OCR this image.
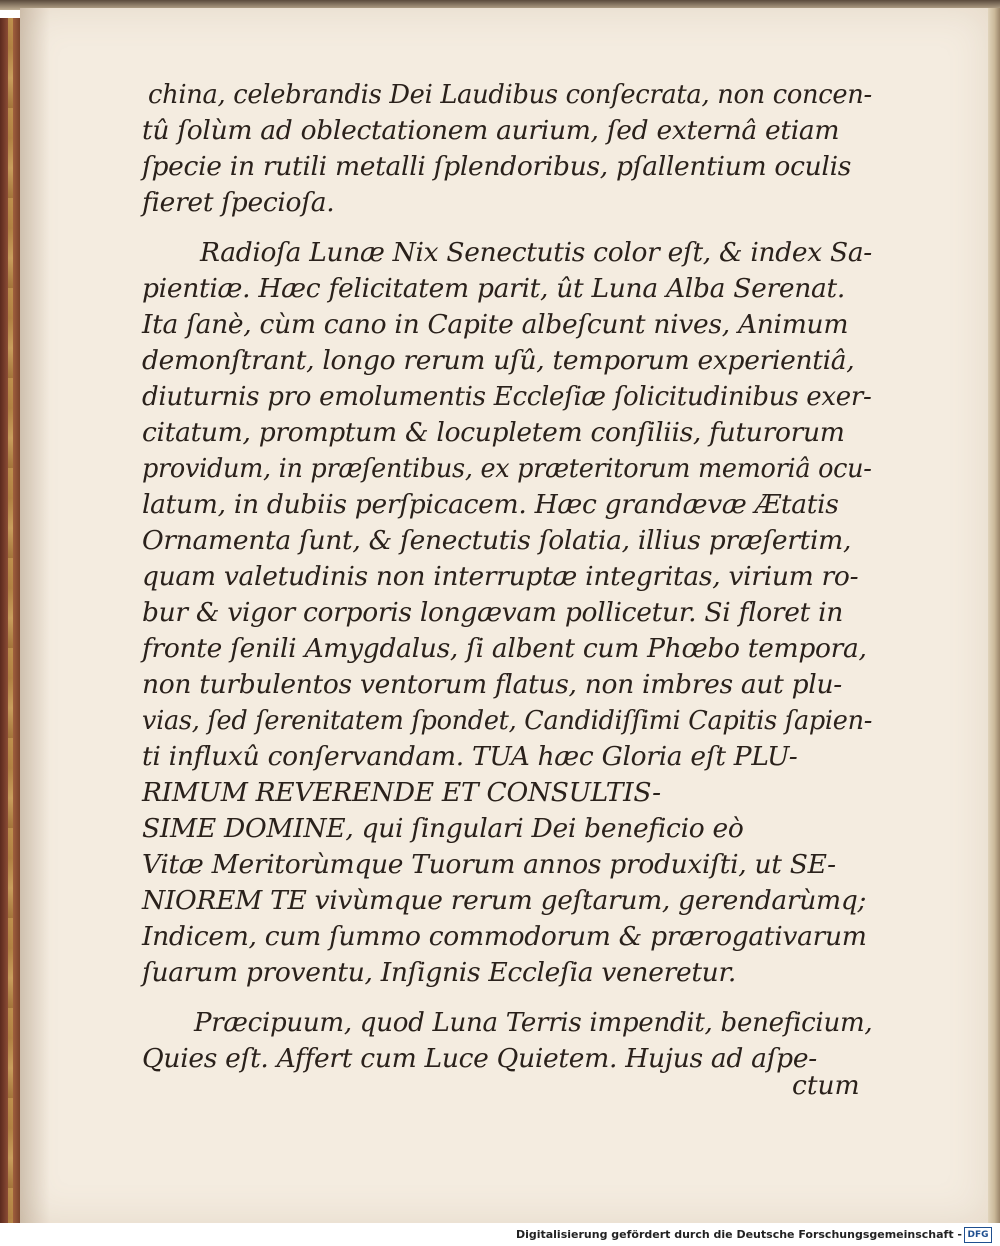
china, celebrandis Dei Laudibus conſecrata, non concen-
tû ſolùm ad oblectationem aurium, ſed externâ etiam
ſpecie in rutili metalli ſplendoribus, pſallentium oculis
fieret ſpecioſa.
Radioſa Lunæ Nix Senectutis color eſt, & index Sa-
pientiæ. Hæc felicitatem parit, ût Luna Alba Serenat.
Ita ſanè, cùm cano in Capite albeſcunt nives, Animum
demonſtrant, longo rerum uſû, temporum experientiâ,
diuturnis pro emolumentis Eccleſiæ ſolicitudinibus exer-
citatum, promptum & locupletem conſiliis, futurorum
providum, in præſentibus, ex præteritorum memoriâ ocu-
latum, in dubiis perſpicacem. Hæc grandævæ Ætatis
Ornamenta ſunt, & ſenectutis ſolatia, illius præſertim,
quam valetudinis non interruptæ integritas, virium ro-
bur & vigor corporis longævam pollicetur. Si floret in
fronte ſenili Amygdalus, ſi albent cum Phœbo tempora,
non turbulentos ventorum flatus, non imbres aut plu-
vias, ſed ſerenitatem ſpondet, Candidiſſimi Capitis ſapien-
ti influxû conſervandam. TUA hæc Gloria eſt PLU-
RIMUM REVERENDE ET CONSULTIS-
SIME DOMINE, qui ſingulari Dei beneficio eò
Vitæ Meritorùmque Tuorum annos produxiſti, ut SE-
NIOREM TE vivùmque rerum geſtarum, gerendarùmq;
Indicem, cum ſummo commodorum & prærogativarum
ſuarum proventu, Inſignis Eccleſia veneretur.
Præcipuum, quod Luna Terris impendit, beneficium,
Quies eſt. Affert cum Luce Quietem. Hujus ad aſpe-
ctum
Digitalisierung gefördert durch die Deutsche Forschungsgemeinschaft - DFG
